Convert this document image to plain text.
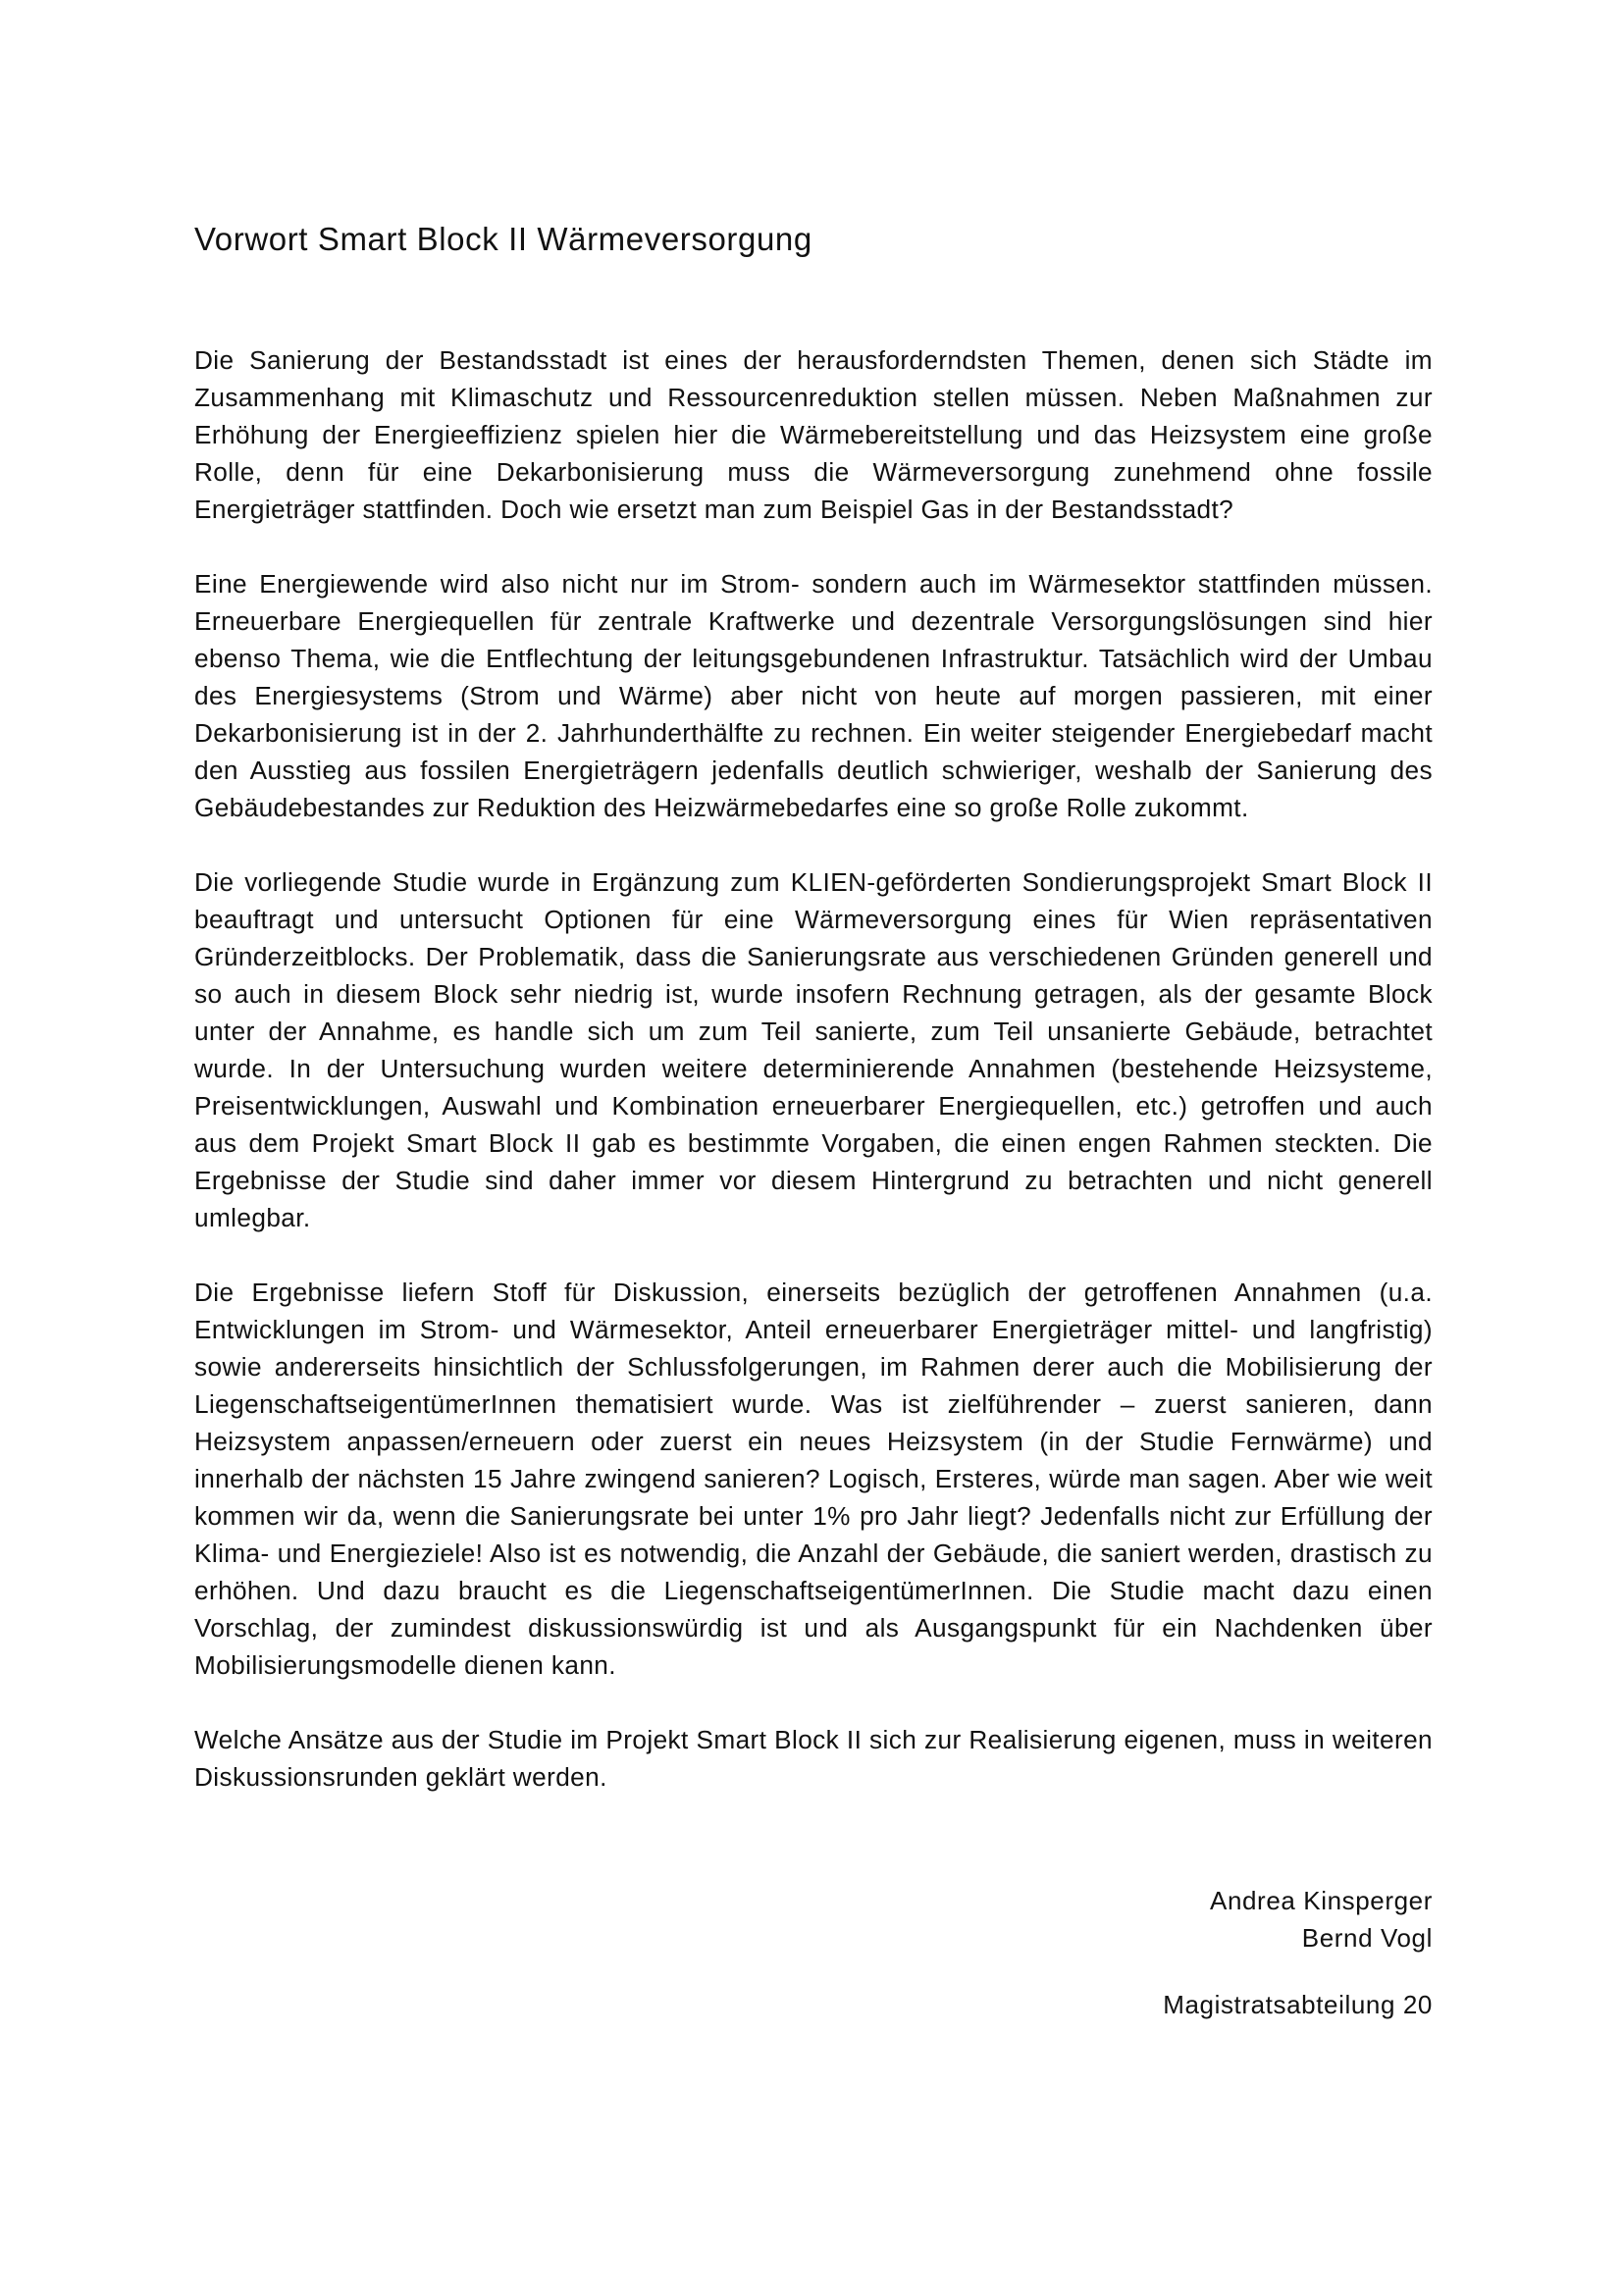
Vorwort Smart Block II Wärmeversorgung

Die Sanierung der Bestandsstadt ist eines der herausforderndsten Themen, denen sich Städte im Zusammenhang mit Klimaschutz und Ressourcenreduktion stellen müssen. Neben Maßnahmen zur Erhöhung der Energieeffizienz spielen hier die Wärmebereitstellung und das Heizsystem eine große Rolle, denn für eine Dekarbonisierung muss die Wärmeversorgung zunehmend ohne fossile Energieträger stattfinden. Doch wie ersetzt man zum Beispiel Gas in der Bestandsstadt?

Eine Energiewende wird also nicht nur im Strom- sondern auch im Wärmesektor stattfinden müssen. Erneuerbare Energiequellen für zentrale Kraftwerke und dezentrale Versorgungslösungen sind hier ebenso Thema, wie die Entflechtung der leitungsgebundenen Infrastruktur. Tatsächlich wird der Umbau des Energiesystems (Strom und Wärme) aber nicht von heute auf morgen passieren, mit einer Dekarbonisierung ist in der 2. Jahrhunderthälfte zu rechnen. Ein weiter steigender Energiebedarf macht den Ausstieg aus fossilen Energieträgern jedenfalls deutlich schwieriger, weshalb der Sanierung des Gebäudebestandes zur Reduktion des Heizwärmebedarfes eine so große Rolle zukommt.

Die vorliegende Studie wurde in Ergänzung zum KLIEN-geförderten Sondierungsprojekt Smart Block II beauftragt und untersucht Optionen für eine Wärmeversorgung eines für Wien repräsentativen Gründerzeitblocks. Der Problematik, dass die Sanierungsrate aus verschiedenen Gründen generell und so auch in diesem Block sehr niedrig ist, wurde insofern Rechnung getragen, als der gesamte Block unter der Annahme, es handle sich um zum Teil sanierte, zum Teil unsanierte Gebäude, betrachtet wurde. In der Untersuchung wurden weitere determinierende Annahmen (bestehende Heizsysteme, Preisentwicklungen, Auswahl und Kombination erneuerbarer Energiequellen, etc.) getroffen und auch aus dem Projekt Smart Block II gab es bestimmte Vorgaben, die einen engen Rahmen steckten. Die Ergebnisse der Studie sind daher immer vor diesem Hintergrund zu betrachten und nicht generell umlegbar.

Die Ergebnisse liefern Stoff für Diskussion, einerseits bezüglich der getroffenen Annahmen (u.a. Entwicklungen im Strom- und Wärmesektor, Anteil erneuerbarer Energieträger mittel- und langfristig) sowie andererseits hinsichtlich der Schlussfolgerungen, im Rahmen derer auch die Mobilisierung der LiegenschaftseigentümerInnen thematisiert wurde. Was ist zielführender – zuerst sanieren, dann Heizsystem anpassen/erneuern oder zuerst ein neues Heizsystem (in der Studie Fernwärme) und innerhalb der nächsten 15 Jahre zwingend sanieren? Logisch, Ersteres, würde man sagen. Aber wie weit kommen wir da, wenn die Sanierungsrate bei unter 1% pro Jahr liegt? Jedenfalls nicht zur Erfüllung der Klima- und Energieziele! Also ist es notwendig, die Anzahl der Gebäude, die saniert werden, drastisch zu erhöhen. Und dazu braucht es die LiegenschaftseigentümerInnen. Die Studie macht dazu einen Vorschlag, der zumindest diskussionswürdig ist und als Ausgangspunkt für ein Nachdenken über Mobilisierungsmodelle dienen kann.

Welche Ansätze aus der Studie im Projekt Smart Block II sich zur Realisierung eigenen, muss in weiteren Diskussionsrunden geklärt werden.

Andrea Kinsperger
Bernd Vogl
Magistratsabteilung 20
